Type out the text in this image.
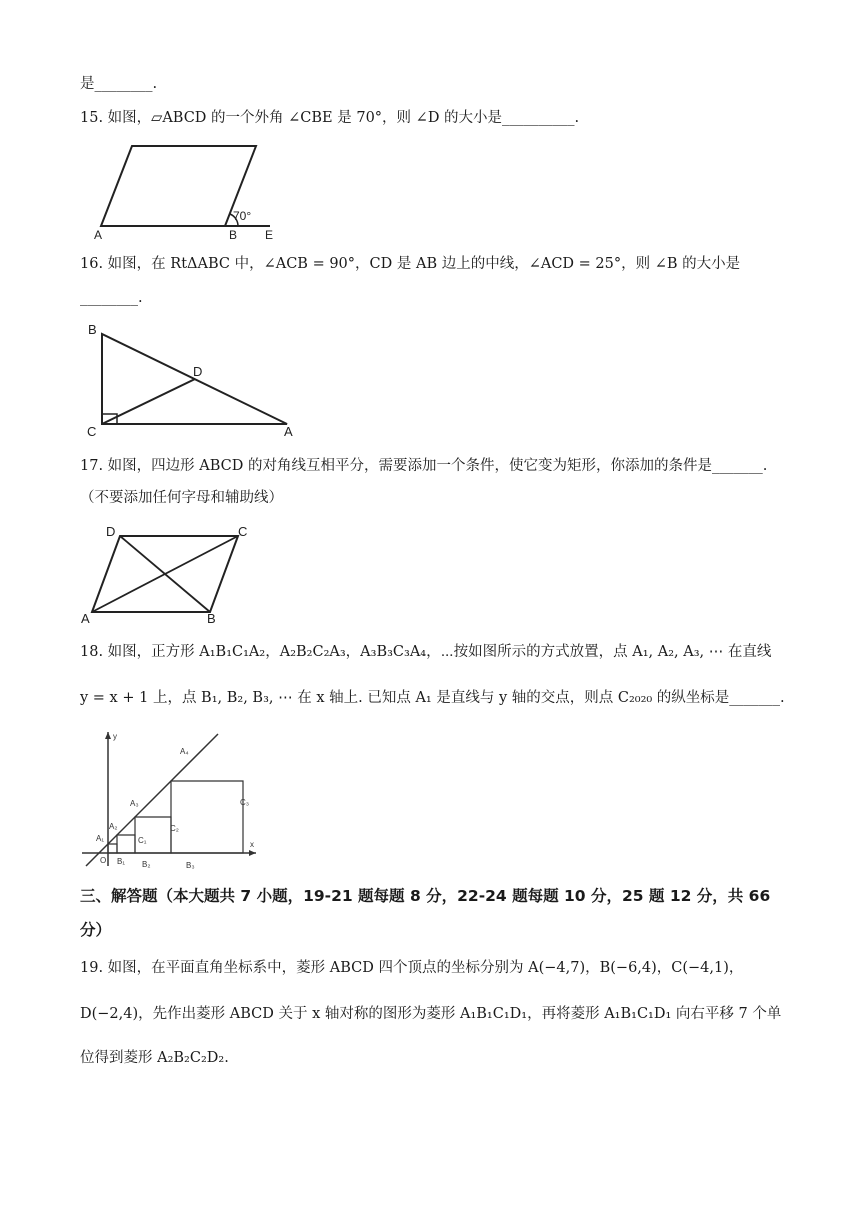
是________.
15. 如图，▱ABCD 的一个外角 ∠CBE 是 70°，则 ∠D 的大小是__________.
70°
A	B E
16. 如图，在 RtΔABC 中，∠ACB = 90°，CD 是 AB 边上的中线，∠ACD = 25°，则 ∠B 的大小是
________.
B
D
C	A
17. 如图，四边形 ABCD 的对角线互相平分，需要添加一个条件，使它变为矩形，你添加的条件是_______.
（不要添加任何字母和辅助线）
D	C
A	B
18. 如图，正方形 A₁B₁C₁A₂，A₂B₂C₂A₃，A₃B₃C₃A₄，⋯按如图所示的方式放置，点 A₁, A₂, A₃, ⋯ 在直线
y = x + 1 上，点 B₁, B₂, B₃, ⋯ 在 x 轴上. 已知点 A₁ 是直线与 y 轴的交点，则点 C₂₀₂₀ 的纵坐标是_______.
y
x
O
A₁
A₂
A₃
A₄
B₁ B₂	B₃
C₁
C₂
C₃
三、解答题（本大题共 7 小题，19-21 题每题 8 分，22-24 题每题 10 分，25 题 12 分，共 66
分）
19. 如图，在平面直角坐标系中，菱形 ABCD 四个顶点的坐标分别为 A(−4,7)，B(−6,4)，C(−4,1)，
D(−2,4)，先作出菱形 ABCD 关于 x 轴对称的图形为菱形 A₁B₁C₁D₁，再将菱形 A₁B₁C₁D₁ 向右平移 7 个单
位得到菱形 A₂B₂C₂D₂.
